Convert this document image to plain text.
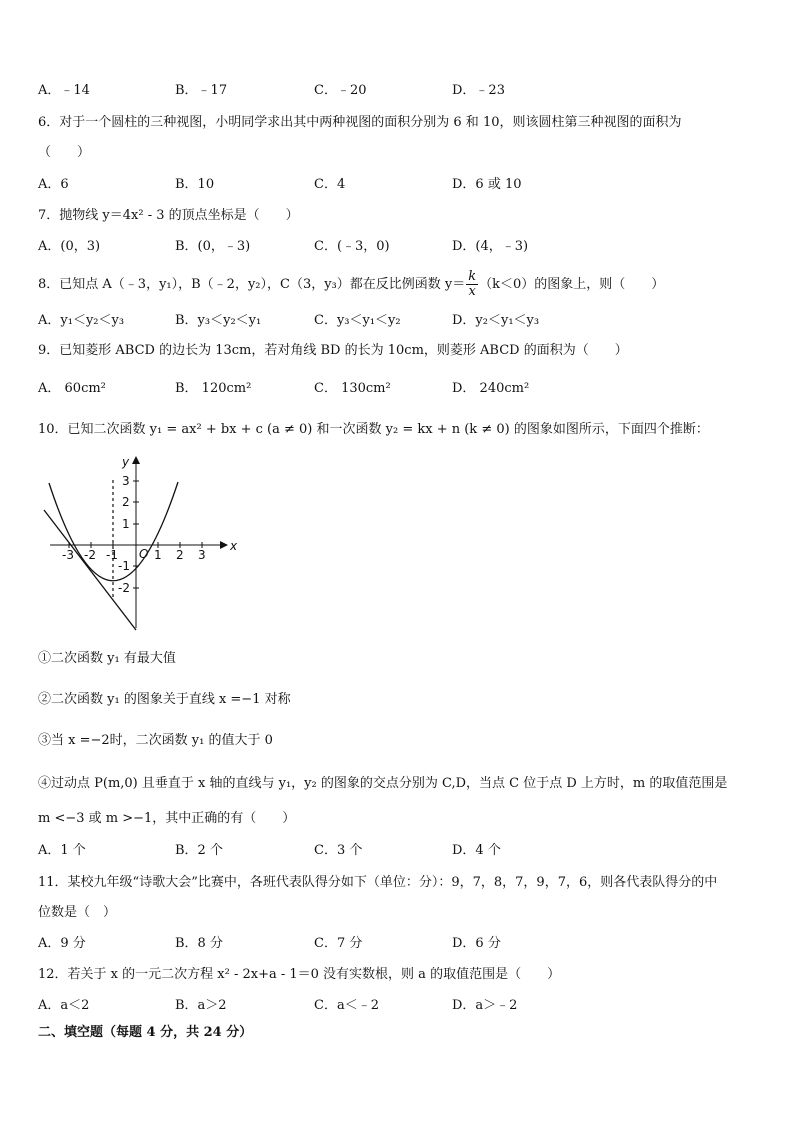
A．﹣14	B．﹣17	C．﹣20	D．﹣23
6．对于一个圆柱的三种视图，小明同学求出其中两种视图的面积分别为 6 和 10，则该圆柱第三种视图的面积为
（　　）
A．6	B．10	C．4	D．6 或 10
7．抛物线 y＝4x² - 3 的顶点坐标是（　　）
A．(0，3)	B．(0，﹣3)	C．(﹣3，0)	D．(4，﹣3)
8．已知点 A（﹣3，y₁），B（﹣2，y₂），C（3，y₃）都在反比例函数 $y= \frac{k}{x} (k<0)$的图象上，则（　　）
A．y₁＜y₂＜y₃	B．y₃＜y₂＜y₁	C．y₃＜y₁＜y₂	D．y₂＜y₁＜y₃
9．已知菱形 ABCD 的边长为 13cm，若对角线 BD 的长为 10cm，则菱形 ABCD 的面积为（　　）
A． 60cm²	B． 120cm²	C． 130cm²	D． 240cm²
10．已知二次函数 y₁ = ax² + bx + c (a ≠ 0) 和一次函数 y₂ = kx + n (k ≠ 0) 的图象如图所示，下面四个推断：
x
y
O
-3 -2 -1	1 2 3
3
2
1
-1
-2
①二次函数 y₁ 有最大值
②二次函数 y₁ 的图象关于直线 x =−1 对称
③当 x =−2时，二次函数 y₁ 的值大于 0
④过动点 P(m,0) 且垂直于 x 轴的直线与 y₁，y₂ 的图象的交点分别为 C,D，当点 C 位于点 D 上方时，m 的取值范围是
m <−3 或 m >−1，其中正确的有（　　）
A．1 个	B．2 个	C．3 个	D．4 个
11．某校九年级“诗歌大会”比赛中，各班代表队得分如下（单位：分）：9，7，8，7，9，7，6，则各代表队得分的中
位数是（　）
A．9 分	B．8 分	C．7 分	D．6 分
12．若关于 x 的一元二次方程 x² - 2x+a - 1＝0 没有实数根，则 a 的取值范围是（　　）
A．a＜2	B．a＞2	C．a＜﹣2	D．a＞﹣2
二、填空题（每题 4 分，共 24 分）
